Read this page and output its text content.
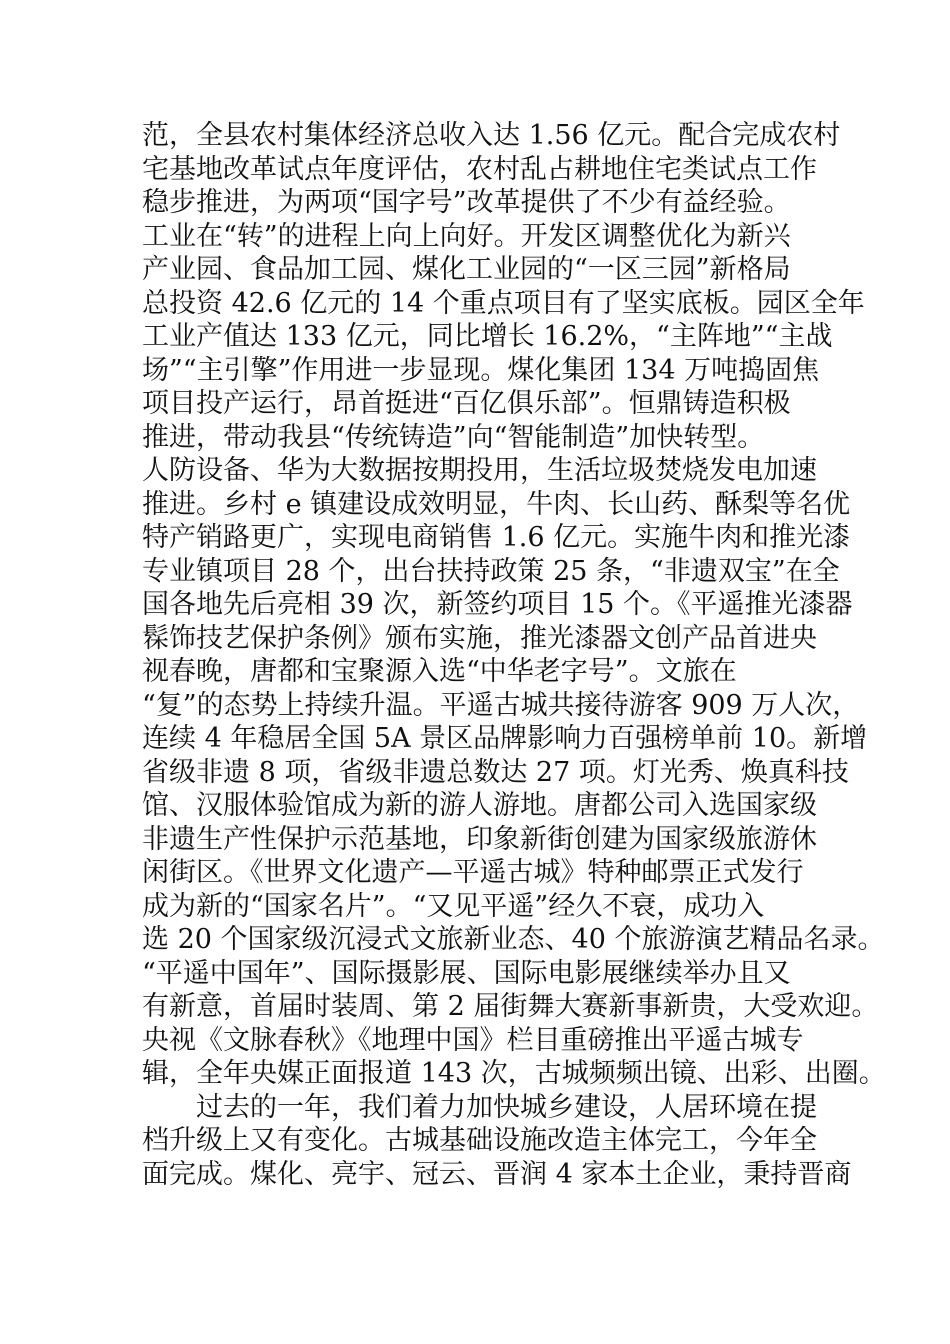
范，全县农村集体经济总收入达 1.56 亿元。配合完成农村
宅基地改革试点年度评估，农村乱占耕地住宅类试点工作
稳步推进，为两项“国字号”改革提供了不少有益经验。
工业在“转”的进程上向上向好。开发区调整优化为新兴
产业园、食品加工园、煤化工业园的“一区三园”新格局
总投资 42.6 亿元的 14 个重点项目有了坚实底板。园区全年
工业产值达 133 亿元，同比增长 16.2%，“主阵地”“主战
场”“主引擎”作用进一步显现。煤化集团 134 万吨捣固焦
项目投产运行，昂首挺进“百亿俱乐部”。恒鼎铸造积极
推进，带动我县“传统铸造”向“智能制造”加快转型。
人防设备、华为大数据按期投用，生活垃圾焚烧发电加速
推进。乡村 e 镇建设成效明显，牛肉、长山药、酥梨等名优
特产销路更广，实现电商销售 1.6 亿元。实施牛肉和推光漆
专业镇项目 28 个，出台扶持政策 25 条，“非遗双宝”在全
国各地先后亮相 39 次，新签约项目 15 个。《平遥推光漆器
髹饰技艺保护条例》颁布实施，推光漆器文创产品首进央
视春晚，唐都和宝聚源入选“中华老字号”。文旅在
“复”的态势上持续升温。平遥古城共接待游客 909 万人次，
连续 4 年稳居全国 5A 景区品牌影响力百强榜单前 10。新增
省级非遗 8 项，省级非遗总数达 27 项。灯光秀、焕真科技
馆、汉服体验馆成为新的游人游地。唐都公司入选国家级
非遗生产性保护示范基地，印象新街创建为国家级旅游休
闲街区。《世界文化遗产—平遥古城》特种邮票正式发行
成为新的“国家名片”。“又见平遥”经久不衰，成功入
选 20 个国家级沉浸式文旅新业态、40 个旅游演艺精品名录。
“平遥中国年”、国际摄影展、国际电影展继续举办且又
有新意，首届时装周、第 2 届街舞大赛新事新贵，大受欢迎。
央视《文脉春秋》《地理中国》栏目重磅推出平遥古城专
辑，全年央媒正面报道 143 次，古城频频出镜、出彩、出圈。
　　过去的一年，我们着力加快城乡建设，人居环境在提
档升级上又有变化。古城基础设施改造主体完工，今年全
面完成。煤化、亮宇、冠云、晋润 4 家本土企业，秉持晋商
